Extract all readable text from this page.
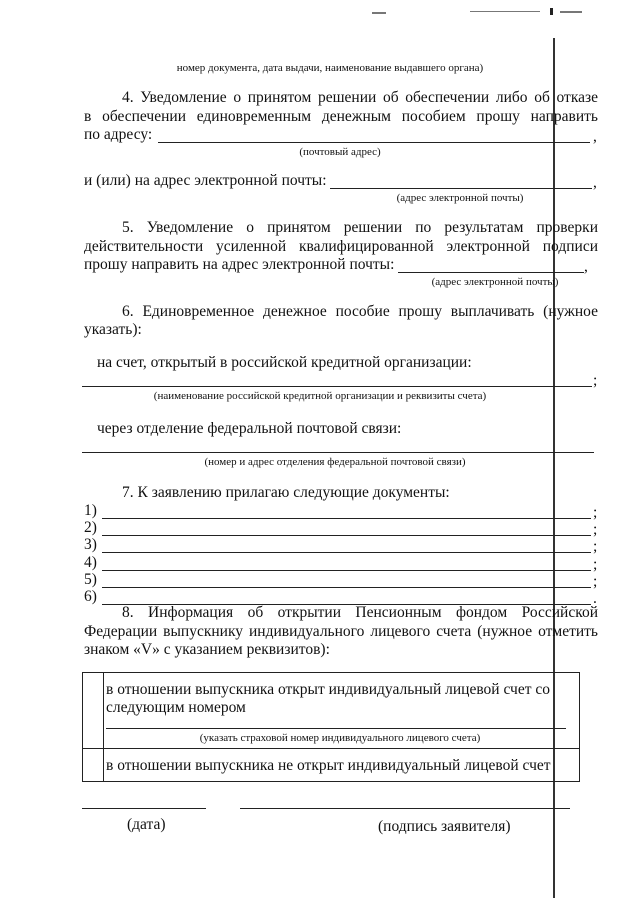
номер документа, дата выдачи, наименование выдавшего органа)
4. Уведомление о принятом решении об обеспечении либо об отказе
в обеспечении единовременным денежным пособием прошу направить
по адресу:	,
(почтовый адрес)
и (или) на адрес электронной почты:	,
(адрес электронной почты)
5. Уведомление о принятом решении по результатам проверки
действительности усиленной квалифицированной электронной подписи
прошу направить на адрес электронной почты:	,
(адрес электронной почты)
6. Единовременное денежное пособие прошу выплачивать (нужное
указать):
на счет, открытый в российской кредитной организации:
;
(наименование российской кредитной организации и реквизиты счета)
через отделение федеральной почтовой связи:
(номер и адрес отделения федеральной почтовой связи)
7. К заявлению прилагаю следующие документы:
1)	;
2)	;
3)	;
4)	;
5)	;
6)	.
8. Информация об открытии Пенсионным фондом Российской
Федерации выпускнику индивидуального лицевого счета (нужное отметить
знаком «V» с указанием реквизитов):
в отношении выпускника открыт индивидуальный лицевой счет со
следующим номером
(указать страховой номер индивидуального лицевого счета)
в отношении выпускника не открыт индивидуальный лицевой счет
(дата)	(подпись заявителя)
